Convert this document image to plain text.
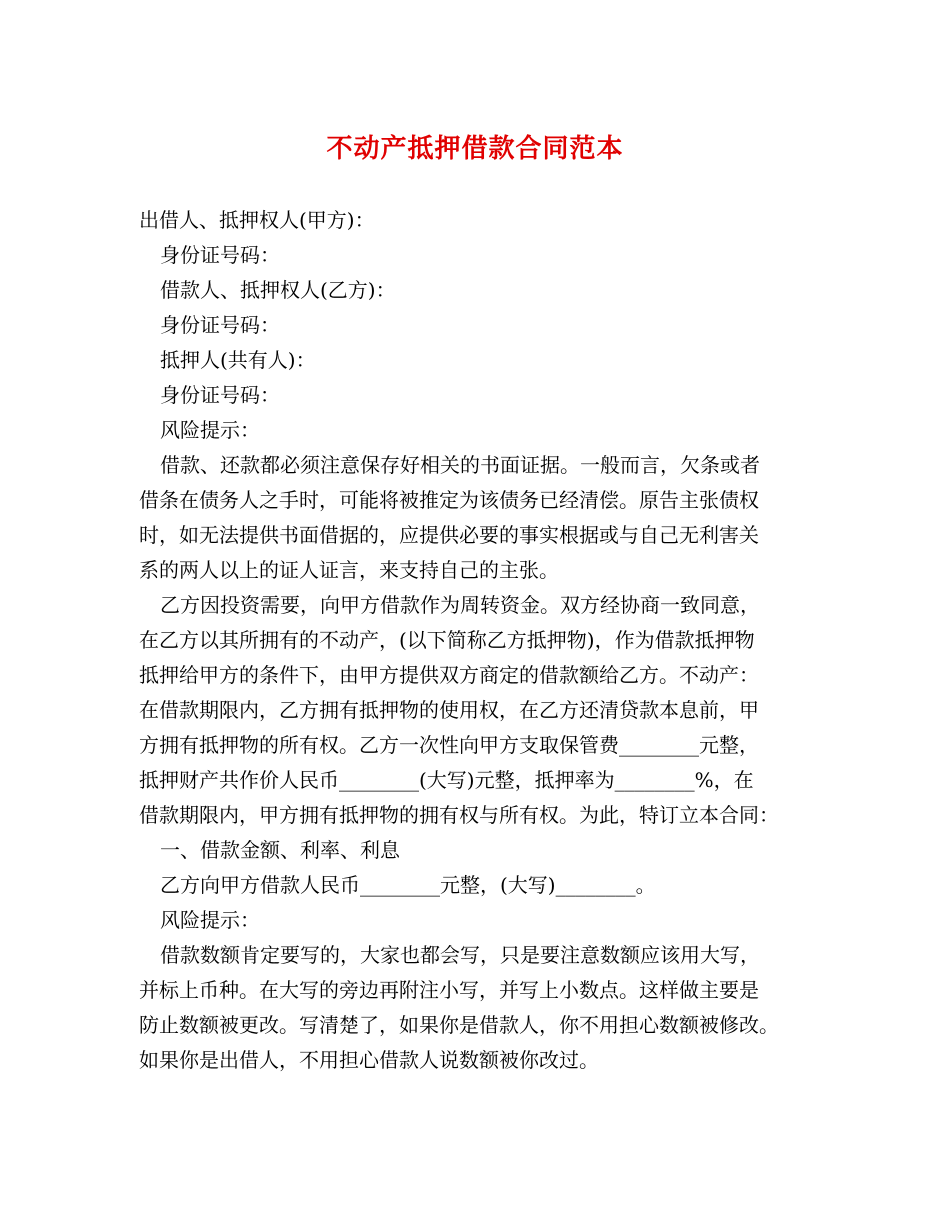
不动产抵押借款合同范本
出借人、抵押权人(甲方)：
身份证号码：
借款人、抵押权人(乙方)：
身份证号码：
抵押人(共有人)：
身份证号码：
风险提示：
借款、还款都必须注意保存好相关的书面证据。一般而言，欠条或者
借条在债务人之手时，可能将被推定为该债务已经清偿。原告主张债权
时，如无法提供书面借据的，应提供必要的事实根据或与自己无利害关
系的两人以上的证人证言，来支持自己的主张。
乙方因投资需要，向甲方借款作为周转资金。双方经协商一致同意，
在乙方以其所拥有的不动产，(以下简称乙方抵押物)，作为借款抵押物
抵押给甲方的条件下，由甲方提供双方商定的借款额给乙方。不动产：
在借款期限内，乙方拥有抵押物的使用权，在乙方还清贷款本息前，甲
方拥有抵押物的所有权。乙方一次性向甲方支取保管费________元整，
抵押财产共作价人民币________(大写)元整，抵押率为________%，在
借款期限内，甲方拥有抵押物的拥有权与所有权。为此，特订立本合同：
一、借款金额、利率、利息
乙方向甲方借款人民币________元整，(大写)________。
风险提示：
借款数额肯定要写的，大家也都会写，只是要注意数额应该用大写，
并标上币种。在大写的旁边再附注小写，并写上小数点。这样做主要是
防止数额被更改。写清楚了，如果你是借款人，你不用担心数额被修改。
如果你是出借人，不用担心借款人说数额被你改过。
